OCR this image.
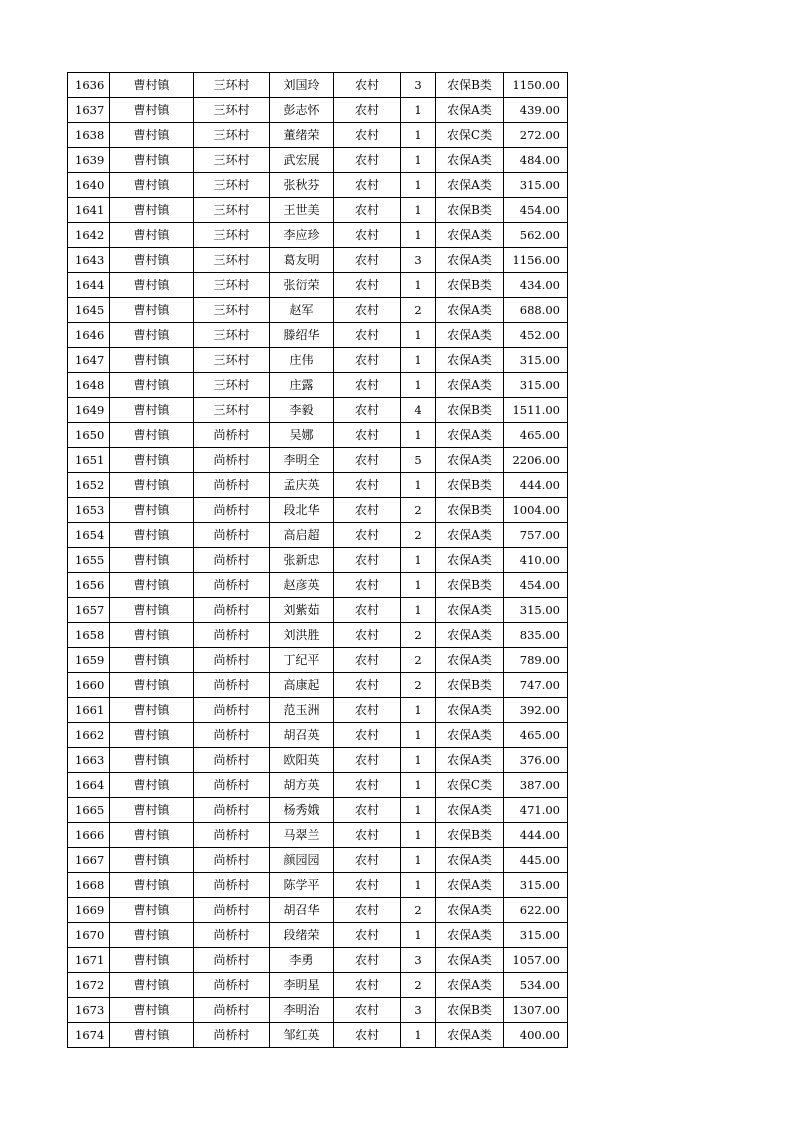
1636	曹村镇	三环村	刘国玲	农村	3	农保B类	1150.00
1637	曹村镇	三环村	彭志怀	农村	1	农保A类	439.00
1638	曹村镇	三环村	董绪荣	农村	1	农保C类	272.00
1639	曹村镇	三环村	武宏展	农村	1	农保A类	484.00
1640	曹村镇	三环村	张秋芬	农村	1	农保A类	315.00
1641	曹村镇	三环村	王世美	农村	1	农保B类	454.00
1642	曹村镇	三环村	李应珍	农村	1	农保A类	562.00
1643	曹村镇	三环村	葛友明	农村	3	农保A类	1156.00
1644	曹村镇	三环村	张衍荣	农村	1	农保B类	434.00
1645	曹村镇	三环村	赵军	农村	2	农保A类	688.00
1646	曹村镇	三环村	滕绍华	农村	1	农保A类	452.00
1647	曹村镇	三环村	庄伟	农村	1	农保A类	315.00
1648	曹村镇	三环村	庄露	农村	1	农保A类	315.00
1649	曹村镇	三环村	李毅	农村	4	农保B类	1511.00
1650	曹村镇	尚桥村	吴娜	农村	1	农保A类	465.00
1651	曹村镇	尚桥村	李明全	农村	5	农保A类	2206.00
1652	曹村镇	尚桥村	孟庆英	农村	1	农保B类	444.00
1653	曹村镇	尚桥村	段北华	农村	2	农保B类	1004.00
1654	曹村镇	尚桥村	高启超	农村	2	农保A类	757.00
1655	曹村镇	尚桥村	张新忠	农村	1	农保A类	410.00
1656	曹村镇	尚桥村	赵彦英	农村	1	农保B类	454.00
1657	曹村镇	尚桥村	刘紫茹	农村	1	农保A类	315.00
1658	曹村镇	尚桥村	刘洪胜	农村	2	农保A类	835.00
1659	曹村镇	尚桥村	丁纪平	农村	2	农保A类	789.00
1660	曹村镇	尚桥村	高康起	农村	2	农保B类	747.00
1661	曹村镇	尚桥村	范玉洲	农村	1	农保A类	392.00
1662	曹村镇	尚桥村	胡召英	农村	1	农保A类	465.00
1663	曹村镇	尚桥村	欧阳英	农村	1	农保A类	376.00
1664	曹村镇	尚桥村	胡方英	农村	1	农保C类	387.00
1665	曹村镇	尚桥村	杨秀娥	农村	1	农保A类	471.00
1666	曹村镇	尚桥村	马翠兰	农村	1	农保B类	444.00
1667	曹村镇	尚桥村	颜园园	农村	1	农保A类	445.00
1668	曹村镇	尚桥村	陈学平	农村	1	农保A类	315.00
1669	曹村镇	尚桥村	胡召华	农村	2	农保A类	622.00
1670	曹村镇	尚桥村	段绪荣	农村	1	农保A类	315.00
1671	曹村镇	尚桥村	李勇	农村	3	农保A类	1057.00
1672	曹村镇	尚桥村	李明星	农村	2	农保A类	534.00
1673	曹村镇	尚桥村	李明治	农村	3	农保B类	1307.00
1674	曹村镇	尚桥村	邹红英	农村	1	农保A类	400.00
